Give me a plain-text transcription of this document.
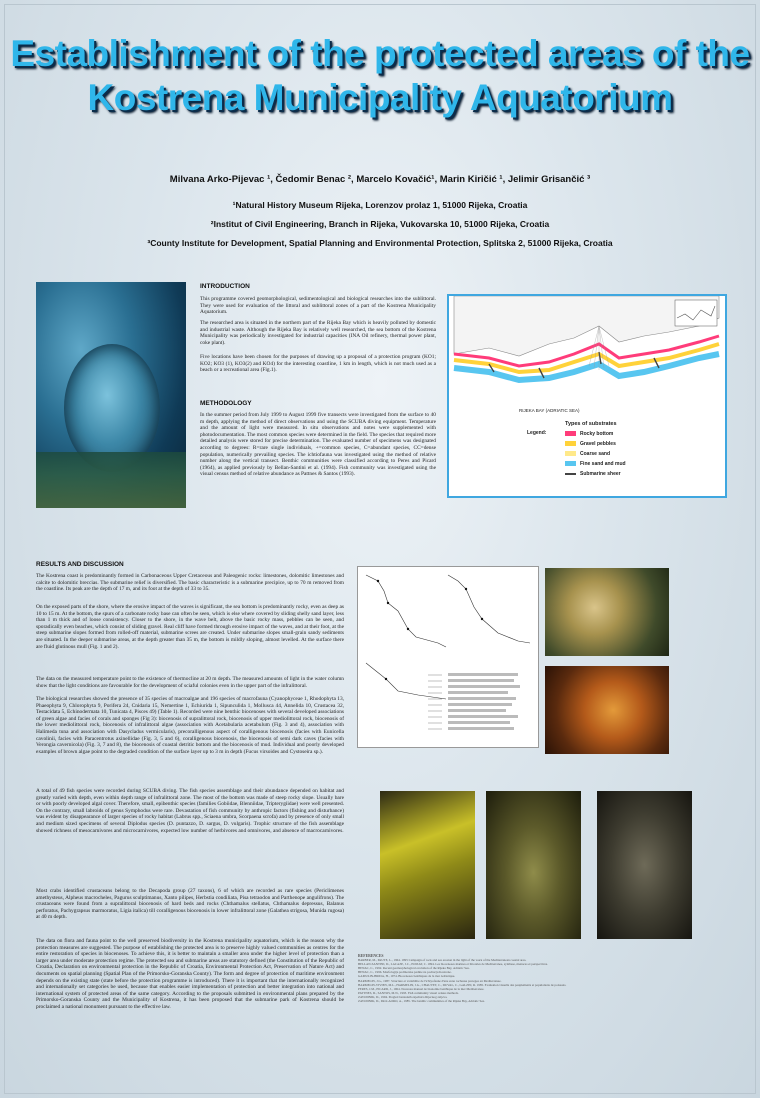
Establishment of the protected areas of the
Kostrena Municipality Aquatorium
Milvana Arko-Pijevac ¹, Čedomir Benac ², Marcelo Kovačić¹, Marin Kiričić ¹, Jelimir Grisančić ³
¹Natural History Museum Rijeka, Lorenzov prolaz 1, 51000 Rijeka, Croatia
²Institut of Civil Engineering, Branch in Rijeka, Vukovarska 10, 51000 Rijeka, Croatia
³County Institute for Development, Spatial Planning and Environmental Protection, Splitska 2, 51000 Rijeka, Croatia
INTRODUCTION

This programme covered geomorphological, sedimentological and biological researches into the sublittoral. They were used for evaluation of the littoral and sublittoral zones of a part of the Kostrena Municipality Aquatorium.

The researched area is situated in the northern part of the Rijeka Bay which is heavily polluted by domestic and industrial waste. Although the Rijeka Bay is relatively well researched, the sea bottom of the Kostrena Municipality was periodically investigated for industrial capacities (INA Oil refinery, thermal power plant, coke plant).

Five locations have been chosen for the purposes of drawing up a proposal of a protection program (KO1; KO2; KO3 (1), KO3(2) and KO4) for the interesting coastline, 1 km in length, which is not much used as a beach or a recreational area (Fig.1).

METHODOLOGY

In the summer period from July 1999 to August 1999 five transects were investigated from the surface to 40 m depth, applying the method of direct observations and using the SCUBA diving equipment. Temperature and the amount of light were measured. In situ observations and notes were supplemented with photodocumentation. The most common species were determined in the field. The species that required more detailed analysis were stored for precise determination. The evaluated number of specimens was designated according to degrees: R=rare single individuals, +=common species, C=abundant species, CC=dense population, numerically prevailing species. The ichtiofauna was investigated using the method of relative number along the vertical transect. Benthic communities were classified according to Peres and Picard (1964), as applied previously by Bellan-Santini et al. (1994). Fish community was investigated using the visual census method of relative abundance as Pattnes & Santos (1993).

RIJEKA BAY (ADRIATIC SEA)
Types of substrates
Legend:	Rocky bottom
Gravel pebbles
Coarse sand
Fine sand and mud
Submarine sheer
RESULTS AND DISCUSSION

The Kostrena coast is predominantly formed in Carbonaceous Upper Cretaceous and Paleogenic rocks: limestones, dolomitic limestones and calcite to dolomitic breccias. The submarine relief is diversified. The basic characteristic is a submarine precipice, up to 70 m removed from the coastline. Its peak are the depth of 17 m, and its foot at the depth of 33 to 35.

On the exposed parts of the shore, where the erosive impact of the waves is significant, the sea bottom is predominantly rocky, even as deep as 10 to 15 m. At the bottom, the spurs of a carbonate rocky base can often be seen, which is else where covered by sliding shelly sand layer, less than 1 m thick and of loose consistency. Closer to the shore, in the wave belt, above the basic rocky mass, pebbles can be seen, and sporadically even beaches, which consist of sliding gravel. Real cliff have formed through erosive impact of the waves, and at their foot, at the steep submarine slopes formed from rolled-off material, submarine screes are created. Under submarine slopes small-grain sandy sediments are situated. In the deeper submarine areas, at the depth greater than 35 m, the bottom is mildly sloping, almost levelled. At the surface there are fluid glutinous mull (Fig. 1 and 2).

The data on the measured temperature point to the existence of thermocline at 20 m depth. The measured amounts of light in the water column show that the light conditions are favourable for the development of sciaful colonies even in the upper part of the infralittoral.

The biological researches showed the presence of 35 species of macroalgae and 196 species of macrofauna (Cyanophyceae 1, Rhodophyta 13, Phaeophyta 9, Chlorophyta 9, Porifera 24, Cnidaria 15, Nemertine 1, Echiurida 1, Sipunculida 1, Mollusca 44, Annelida 10, Crustacea 32, Testacidata 5, Echinodermata 10, Tunicata 4, Pisces 49) (Table 1). Recorded were nine benthic biocenoses with several developed associations of green algae and facies of corals and sponges (Fig 3): biocenosis of supralittoral rock, biocenosis of upper mediolittoral rock, biocenosis of the lower mediolittoral rock, biocenosis of infralittoral algae (association with Acetabularia acetabulum (Fig. 3 and 4), association with Halimeda tuna and association with Dasycladus vermicularis), precoralligenous aspect of coralligenous biocenosis (facies with Eunicella cavolinii, facies with Paracentrotus axinellidae (Fig. 3, 5 and 6), coralligenous biocenosis, the biocenosis of semi dark caves (facies with Verongia cavernicola) (Fig. 3, 7 and 8), the biocenosis of coastal detritic bottom and the biocenosis of mud. Individual and poorly developed examples of brown algae point to the degraded condition of the surface layer up to 3 m in depth (Fucus virsoides and Cystoseira sp.).

A total of 49 fish species were recorded during SCUBA diving. The fish species assemblage and their abundance depended on habitat and greatly varied with depth, even within depth range of infralittoral zone. The most of the bottom was made of steep rocky slope. Usually bare or with poorly developed algal cover. Therefore, small, epibenthic species (families Gobiidae, Blenniidae, Tripterygiidae) were well presented. On the contrary, small labroids of genus Symphodus were rare. Devastation of fish community by anthropic factors (fishing and disturbance) was evident by disappearance of larger species of rocky habitat (Labrus spp., Sciaena umbra, Scorpaena scrofa) and by presence of only small and medium sized specimens of several Diplodus species (D. puntazzo, D. sargus, D. vulgaris). Trophic structure of the fish assemblage showed richness of mesocarnivores and microcarnivores, expected low number of herbivores and omnivores, and absence of macrocarnivores.

Most crabs identified crustaceans belong to the Decapoda group (27 taxons), 6 of which are recorded as rare species (Periclimenes amethysteus, Alpheus macrocheles, Pagurus sculptimanus, Xanto pilipes, Herbstia condiliata, Pisa tetraodon and Parthenope angulifrons). The crustaceans were found from a supralittoral biocenosis of hard beds and rocks (Chthamalus stellatus, Chthamalus depressus, Balanus perforatus, Pachygrapsus marmoratus, Ligia italica) till coralligenous biocenosis in lower infralittoral zone (Galathea strigosa, Munida rugosa) at 40 m depth.

The data on flora and fauna point to the well preserved biodiversity in the Kostrena municipality aquatorium, which is the reason why the protection measures are suggested. The purpose of establishing the protected area is to preserve highly valued communities as centres for the entire restoration of species in biocenoses. To achieve this, it is better to maintain a smaller area under the higher level of protection than a larger area under moderate protection regime. The protected sea and submarine areas are statutory defined (the Constitution of the Republic of Croatia, Declaration on environmental protection in the Republic of Croatia, Environmental Protection Act, Preservation of Nature Act) and documents on spatial planning (Spatial Plan of the Primorsko-Goranska County). The form and degree of protection of maritime environment depends on the existing state (state before the protection programme is introduced). There it is important that the internationally recognized and internationally set categories be used, because that enables easier implementation of protection and better integration into national and international system of protected areas of the same category. According to the proposals submitted in environmental plans prepared by the Primorsko-Goranska County and the Municipality of Kostrena, it has been proposed that the submarine park of Kostrena should be proclaimed a national monument pursuant to the effective law.

REFERENCES
BARBER, M., PAUTE, L., 1964. 1995 Campaign of rock and sea erosion in the light of the work of the Mediterranean coastal area.
BELLAN-SANTINI, D., LACAZE, J.C., POIZAT, C. 1994. Les biocenoses marines et littorales de Mediterranee, synthese, menaces et perspectives.
BENAC, C., 1992. Recent geomorphological evolution of the Rijeka Bay, Adriatic Sea.
BENAC, C., 1996. Morfologija podmorske padine na podrucju Kostrene.
GAMULIN-BRIDA, H., 1974. Biocenoses benthiques de la mer Adriatique.
HARMELIN, J.G., 1987. Structure et variabilite de l'ichtyofaune d'une zone rocheuse protegee en Mediterranee.
HARMELIN-VIVIEN, M.L., HARMELIN, J.G., CHAUVET, C., DUVAL, C., GALZIN, R. 1985. Evaluation visuelle des peuplements et populations de poissons.
PERES, J.M., PICARD, J., 1964. Nouveau manuel de bionomie benthique de la mer Mediterranee.
PATTNES, D., SANTOS, M.N., 1993. Fish community visual census methods.
ZAVODNIK, D., 1994. Pregled bentoskih zajednica Rijeckog zaljeva.
ZAVODNIK, D., PALLAORO, A., 1985. The benthic communities of the Rijeka Bay, Adriatic Sea.
